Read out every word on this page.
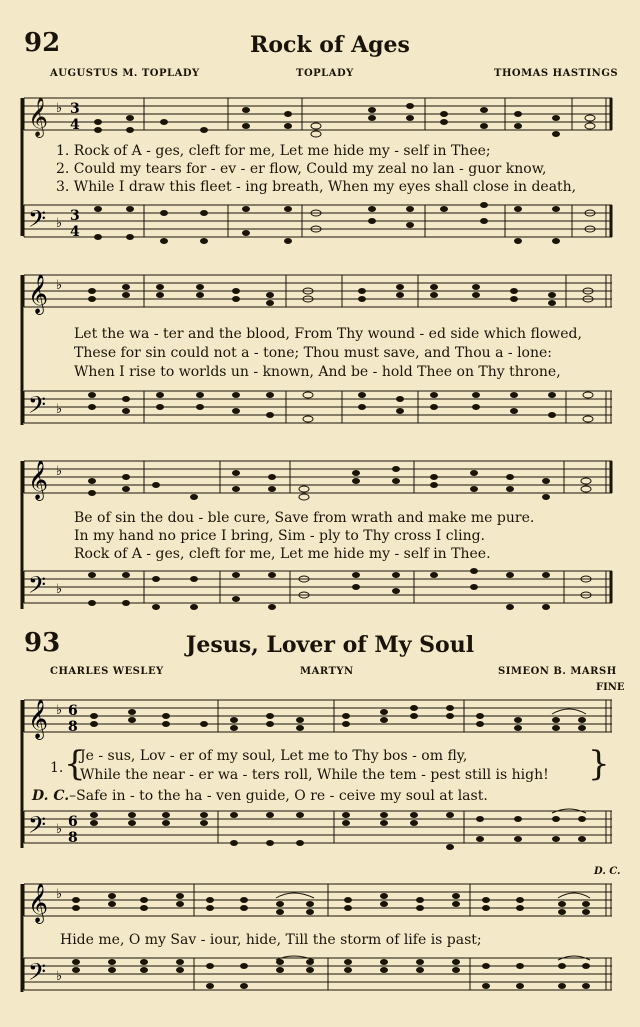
92	Rock of Ages
AUGUSTUS M. TOPLADY	TOPLADY	THOMAS HASTINGS
𝄞 ♭ 3
4
1. Rock of A - ges, cleft for me, Let me hide my - self in Thee;
2. Could my tears for - ev - er flow, Could my zeal no lan - guor know,
3. While I draw this fleet - ing breath, When my eyes shall close in death,
𝄢 ♭ 3
4
𝄞 ♭
Let the wa - ter and the blood, From Thy wound - ed side which flowed,
These for sin could not a - tone; Thou must save, and Thou a - lone:
When I rise to worlds un - known, And be - hold Thee on Thy throne,
𝄢 ♭
𝄞 ♭
Be of sin the dou - ble cure, Save from wrath and make me pure.
In my hand no price I bring, Sim - ply to Thy cross I cling.
Rock of A - ges, cleft for me, Let me hide my - self in Thee.
𝄢 ♭
93	Jesus, Lover of My Soul
CHARLES WESLEY	MARTYN	SIMEON B. MARSH
FINE
𝄞 ♭ 6
8
1. {
Je - sus, Lov - er of my soul, Let me to Thy bos - om fly,
While the near - er wa - ters roll, While the tem - pest still is high! }
D. C.–Safe in - to the ha - ven guide, O re - ceive my soul at last.
𝄢 ♭ 6
8
D. C.
𝄞 ♭
Hide me, O my Sav - iour, hide, Till the storm of life is past;
𝄢 ♭
